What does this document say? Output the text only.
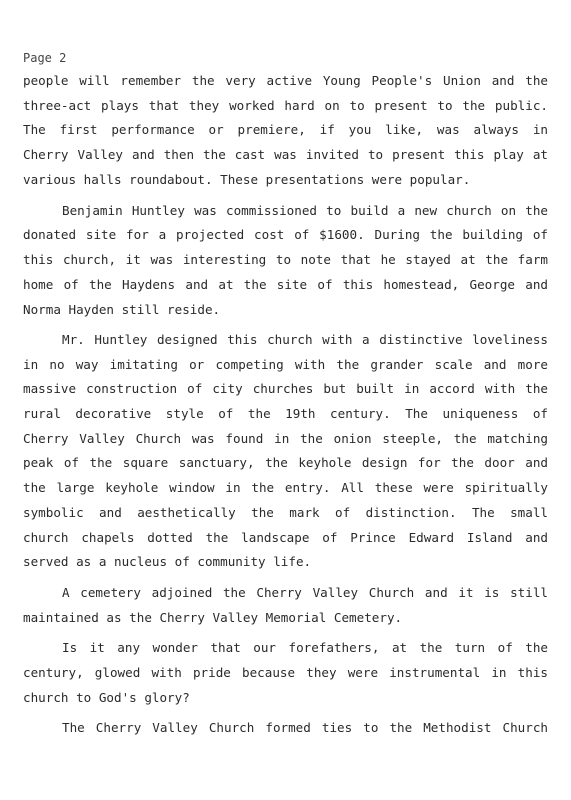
Page 2
people will remember the very active Young People's Union and the
three-act plays that they worked hard on to present to the public.
The first performance or premiere, if you like, was always in
Cherry Valley and then the cast was invited to present this play at
various halls roundabout. These presentations were popular.
Benjamin Huntley was commissioned to build a new church on the
donated site for a projected cost of $1600. During the building of
this church, it was interesting to note that he stayed at the farm
home of the Haydens and at the site of this homestead, George and
Norma Hayden still reside.
Mr. Huntley designed this church with a distinctive loveliness
in no way imitating or competing with the grander scale and more
massive construction of city churches but built in accord with the
rural decorative style of the 19th century. The uniqueness of
Cherry Valley Church was found in the onion steeple, the matching
peak of the square sanctuary, the keyhole design for the door and
the large keyhole window in the entry. All these were spiritually
symbolic and aesthetically the mark of distinction. The small
church chapels dotted the landscape of Prince Edward Island and
served as a nucleus of community life.
A cemetery adjoined the Cherry Valley Church and it is still
maintained as the Cherry Valley Memorial Cemetery.
Is it any wonder that our forefathers, at the turn of the
century, glowed with pride because they were instrumental in this
church to God's glory?
The Cherry Valley Church formed ties to the Methodist Church
